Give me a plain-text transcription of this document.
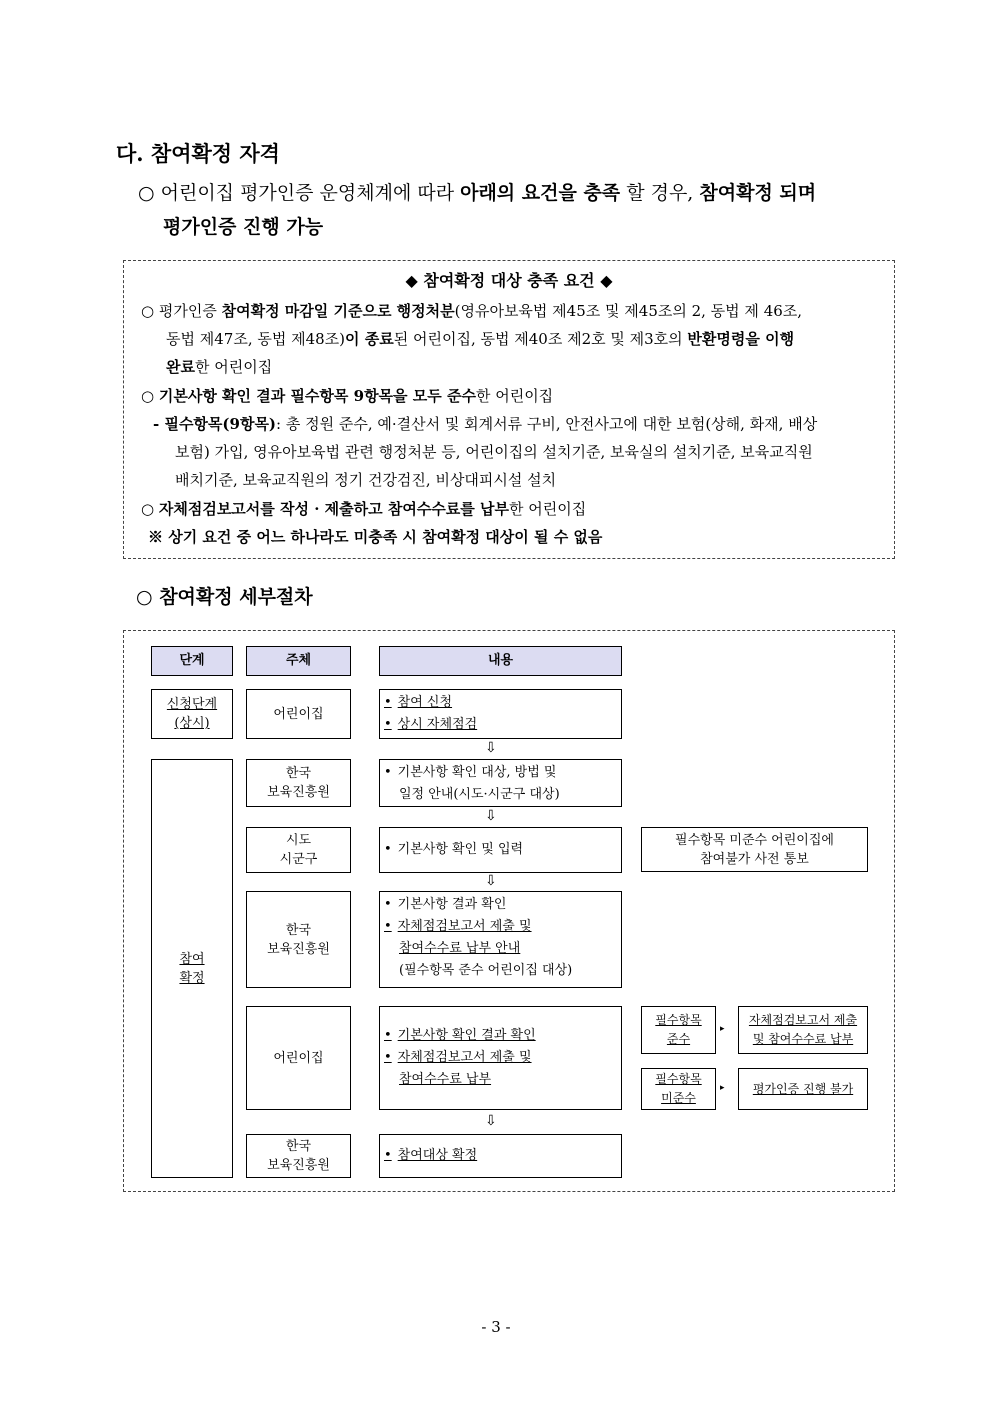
다. 참여확정 자격
○ 어린이집 평가인증 운영체계에 따라 아래의 요건을 충족 할 경우, 참여확정 되며
평가인증 진행 가능
◆ 참여확정 대상 충족 요건 ◆
○ 평가인증 참여확정 마감일 기준으로 행정처분(영유아보육법 제45조 및 제45조의 2, 동법 제 46조,
동법 제47조, 동법 제48조)이 종료된 어린이집, 동법 제40조 제2호 및 제3호의 반환명령을 이행
완료한 어린이집
○ 기본사항 확인 결과 필수항목 9항목을 모두 준수한 어린이집
- 필수항목(9항목): 총 정원 준수, 예·결산서 및 회계서류 구비, 안전사고에 대한 보험(상해, 화재, 배상
보험) 가입, 영유아보육법 관련 행정처분 등, 어린이집의 설치기준, 보육실의 설치기준, 보육교직원
배치기준, 보육교직원의 정기 건강검진, 비상대피시설 설치
○ 자체점검보고서를 작성 · 제출하고 참여수수료를 납부한 어린이집
※ 상기 요건 중 어느 하나라도 미충족 시 참여확정 대상이 될 수 없음
○ 참여확정 세부절차
단계	주체	내용
신청단계
(상시)
참여
확정
어린이집
• 참여 신청
• 상시 자체점검
⇩
한국
보육진흥원
• 기본사항 확인 대상, 방법 및
일정 안내(시도·시군구 대상)
⇩
시도
시군구
• 기본사항 확인 및 입력
필수항목 미준수 어린이집에
참여불가 사전 통보
⇩
한국
보육진흥원
• 기본사항 결과 확인
• 자체점검보고서 제출 및
참여수수료 납부 안내
(필수항목 준수 어린이집 대상)
어린이집
• 기본사항 확인 결과 확인
• 자체점검보고서 제출 및
참여수수료 납부
필수항목
준수
▸
자체점검보고서 제출
및 참여수수료 납부
필수항목
미준수
▸ 평가인증 진행 불가
⇩
한국
보육진흥원
• 참여대상 확정
- 3 -
